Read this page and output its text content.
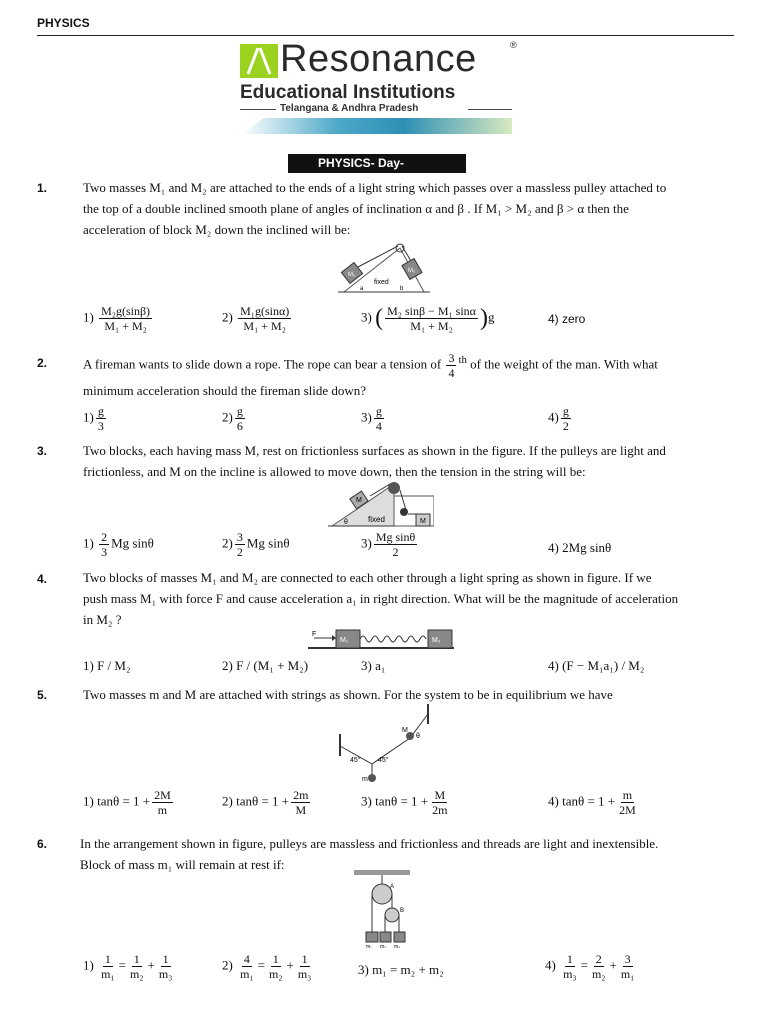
PHYSICS
Resonance	®
Educational Institutions
Telangana & Andhra Pradesh
PHYSICS- Day-
1.	Two masses M₁ and M₂ are attached to the ends of a light string which passes over a massless pulley attached to
the top of a double inclined smooth plane of angles of inclination α and β . If M₁ > M₂ and β > α then the
acceleration of block M₂ down the inclined will be:
M₁
M₂
fixed
a	b
$1) \frac{\text{M₂g(sinβ)}}{\text{M₁ + M₂}}$	$2) \frac{\text{M₁g(sinα)}}{\text{M₁ + M₂}}$	3) ( $\frac{\text{M₂ sinβ − M₁ sinα}}{\text{M₁ + M₂}} )g$	4) zero
2.	A fireman wants to slide down a rope. The rope can bear a tension of $\frac{3}{4} ^{th}$ of the weight of the man. With what
minimum acceleration should the fireman slide down?
$1) \frac{g}{3}$	$2) \frac{g}{6}$	$3) \frac{g}{4}$	$4) \frac{g}{2}$
3.	Two blocks, each having mass M, rest on frictionless surfaces as shown in the figure. If the pulleys are light and
frictionless, and M on the incline is allowed to move down, then the tension in the string will be:
M
M
fixed
θ
$1) \frac{2}{3}$ Mg sinθ	$2) \frac{3}{2}$ Mg sinθ	$3) \frac{\text{Mg sinθ}}{2}$	4) 2Mg sinθ
4.	Two blocks of masses M₁ and M₂ are connected to each other through a light spring as shown in figure. If we
push mass M₁ with force F and cause acceleration a₁ in right direction. What will be the magnitude of acceleration
in M₂ ?
F
M₁	M₂
1) F / M₂	2) F / (M₁ + M₂)	3) a₁	4) (F − M₁a₁) / M₂
5.	Two masses m and M are attached with strings as shown. For the system to be in equilibrium we have
45° 45°
m
M
θ
1) $\tan\theta = 1 + \frac{2M}{m}$	2) $\tan\theta = 1 + \frac{2m}{M}$	3) $\tan\theta = 1 + \frac{M}{2m}$	4) $\tan\theta = 1 + \frac{m}{2M}$
6.	In the arrangement shown in figure, pulleys are massless and frictionless and threads are light and inextensible.
Block of mass m₁ will remain at rest if:
A
B
m₁ m₂ m₃
$1) \frac{1}{\text{m₁}} = \frac{1}{\text{m₂}} + \frac{1}{\text{m₃}}$	$2) \frac{4}{\text{m₁}} = \frac{1}{\text{m₂}} + \frac{1}{\text{m₃}}$	3) m₁ = m₂ + m₂	$4) \frac{1}{\text{m₃}} = \frac{2}{\text{m₂}} + \frac{3}{\text{m₁}}$
